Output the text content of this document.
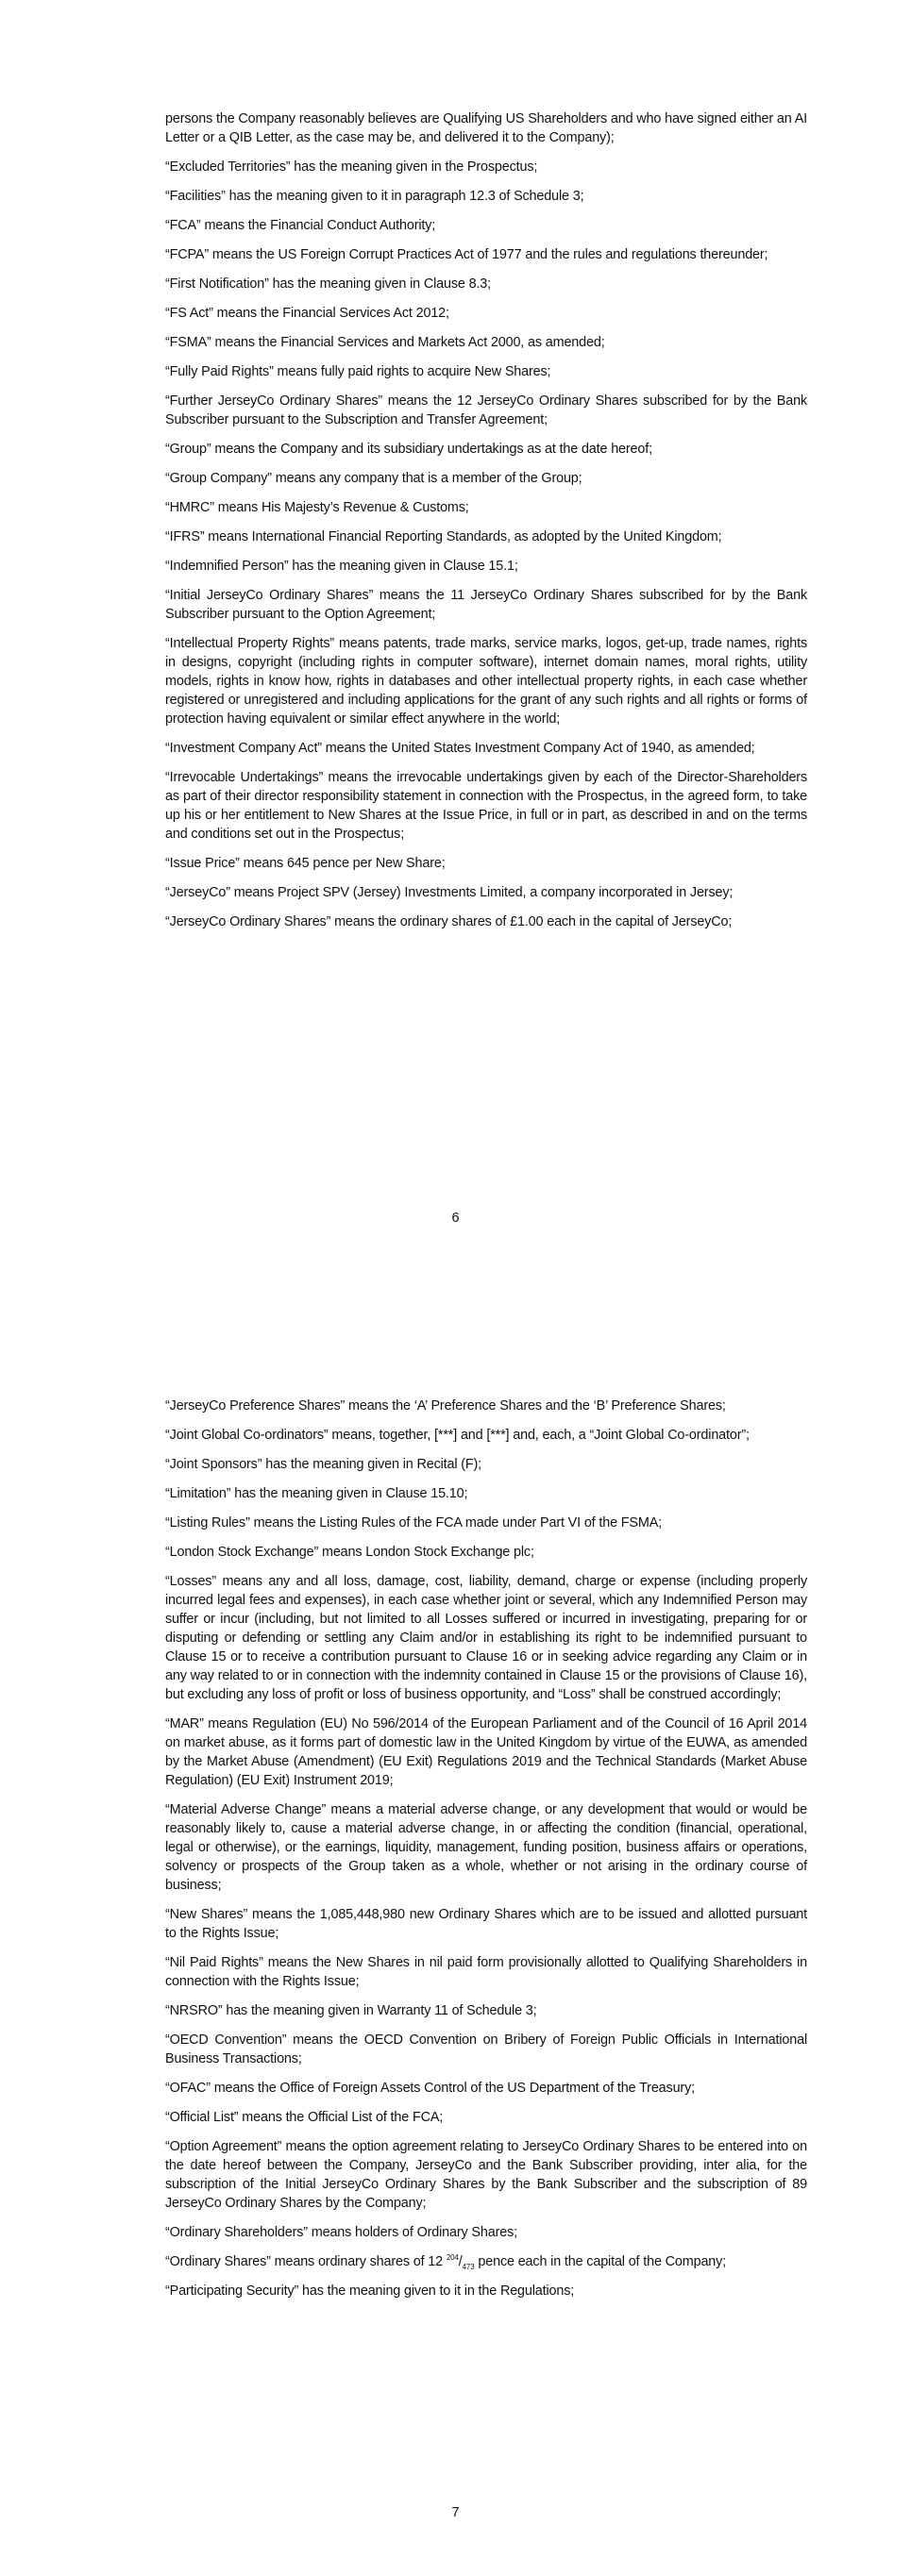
persons the Company reasonably believes are Qualifying US Shareholders and who have signed either an AI Letter or a QIB Letter, as the case may be, and delivered it to the Company);

“Excluded Territories” has the meaning given in the Prospectus;

“Facilities” has the meaning given to it in paragraph 12.3 of Schedule 3;

“FCA” means the Financial Conduct Authority;

“FCPA” means the US Foreign Corrupt Practices Act of 1977 and the rules and regulations thereunder;

“First Notification” has the meaning given in Clause 8.3;

“FS Act” means the Financial Services Act 2012;

“FSMA” means the Financial Services and Markets Act 2000, as amended;

“Fully Paid Rights” means fully paid rights to acquire New Shares;

“Further JerseyCo Ordinary Shares” means the 12 JerseyCo Ordinary Shares subscribed for by the Bank Subscriber pursuant to the Subscription and Transfer Agreement;

“Group” means the Company and its subsidiary undertakings as at the date hereof;

“Group Company” means any company that is a member of the Group;

“HMRC” means His Majesty’s Revenue & Customs;

“IFRS” means International Financial Reporting Standards, as adopted by the United Kingdom;

“Indemnified Person” has the meaning given in Clause 15.1;

“Initial JerseyCo Ordinary Shares” means the 11 JerseyCo Ordinary Shares subscribed for by the Bank Subscriber pursuant to the Option Agreement;

“Intellectual Property Rights” means patents, trade marks, service marks, logos, get-up, trade names, rights in designs, copyright (including rights in computer software), internet domain names, moral rights, utility models, rights in know how, rights in databases and other intellectual property rights, in each case whether registered or unregistered and including applications for the grant of any such rights and all rights or forms of protection having equivalent or similar effect anywhere in the world;

“Investment Company Act” means the United States Investment Company Act of 1940, as amended;

“Irrevocable Undertakings” means the irrevocable undertakings given by each of the Director-Shareholders as part of their director responsibility statement in connection with the Prospectus, in the agreed form, to take up his or her entitlement to New Shares at the Issue Price, in full or in part, as described in and on the terms and conditions set out in the Prospectus;

“Issue Price” means 645 pence per New Share;

“JerseyCo” means Project SPV (Jersey) Investments Limited, a company incorporated in Jersey;

“JerseyCo Ordinary Shares” means the ordinary shares of £1.00 each in the capital of JerseyCo;

6

“JerseyCo Preference Shares” means the ‘A’ Preference Shares and the ‘B’ Preference Shares;

“Joint Global Co-ordinators” means, together, [***] and [***] and, each, a “Joint Global Co-ordinator”;

“Joint Sponsors” has the meaning given in Recital (F);

“Limitation” has the meaning given in Clause 15.10;

“Listing Rules” means the Listing Rules of the FCA made under Part VI of the FSMA;

“London Stock Exchange” means London Stock Exchange plc;

“Losses” means any and all loss, damage, cost, liability, demand, charge or expense (including properly incurred legal fees and expenses), in each case whether joint or several, which any Indemnified Person may suffer or incur (including, but not limited to all Losses suffered or incurred in investigating, preparing for or disputing or defending or settling any Claim and/or in establishing its right to be indemnified pursuant to Clause 15 or to receive a contribution pursuant to Clause 16 or in seeking advice regarding any Claim or in any way related to or in connection with the indemnity contained in Clause 15 or the provisions of Clause 16), but excluding any loss of profit or loss of business opportunity, and “Loss” shall be construed accordingly;

“MAR” means Regulation (EU) No 596/2014 of the European Parliament and of the Council of 16 April 2014 on market abuse, as it forms part of domestic law in the United Kingdom by virtue of the EUWA, as amended by the Market Abuse (Amendment) (EU Exit) Regulations 2019 and the Technical Standards (Market Abuse Regulation) (EU Exit) Instrument 2019;

“Material Adverse Change” means a material adverse change, or any development that would or would be reasonably likely to, cause a material adverse change, in or affecting the condition (financial, operational, legal or otherwise), or the earnings, liquidity, management, funding position, business affairs or operations, solvency or prospects of the Group taken as a whole, whether or not arising in the ordinary course of business;

“New Shares” means the 1,085,448,980 new Ordinary Shares which are to be issued and allotted pursuant to the Rights Issue;

“Nil Paid Rights” means the New Shares in nil paid form provisionally allotted to Qualifying Shareholders in connection with the Rights Issue;

“NRSRO” has the meaning given in Warranty 11 of Schedule 3;

“OECD Convention” means the OECD Convention on Bribery of Foreign Public Officials in International Business Transactions;

“OFAC” means the Office of Foreign Assets Control of the US Department of the Treasury;

“Official List” means the Official List of the FCA;

“Option Agreement” means the option agreement relating to JerseyCo Ordinary Shares to be entered into on the date hereof between the Company, JerseyCo and the Bank Subscriber providing, inter alia, for the subscription of the Initial JerseyCo Ordinary Shares by the Bank Subscriber and the subscription of 89 JerseyCo Ordinary Shares by the Company;

“Ordinary Shareholders” means holders of Ordinary Shares;

“Ordinary Shares” means ordinary shares of 12 $^{204}/_{473}$ pence each in the capital of the Company;

“Participating Security” has the meaning given to it in the Regulations;

7
